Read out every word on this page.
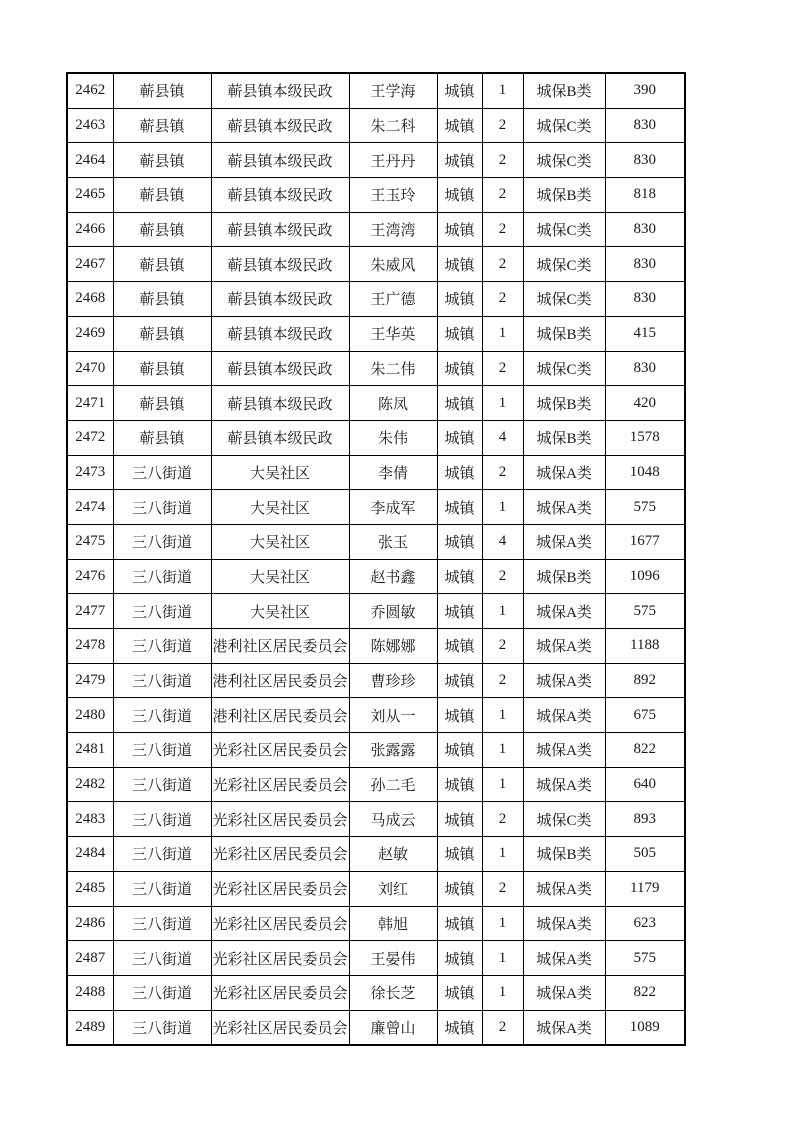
2462	蕲县镇	蕲县镇本级民政	王学海	城镇	1	城保B类	390
2463	蕲县镇	蕲县镇本级民政	朱二科	城镇	2	城保C类	830
2464	蕲县镇	蕲县镇本级民政	王丹丹	城镇	2	城保C类	830
2465	蕲县镇	蕲县镇本级民政	王玉玲	城镇	2	城保B类	818
2466	蕲县镇	蕲县镇本级民政	王湾湾	城镇	2	城保C类	830
2467	蕲县镇	蕲县镇本级民政	朱威风	城镇	2	城保C类	830
2468	蕲县镇	蕲县镇本级民政	王广德	城镇	2	城保C类	830
2469	蕲县镇	蕲县镇本级民政	王华英	城镇	1	城保B类	415
2470	蕲县镇	蕲县镇本级民政	朱二伟	城镇	2	城保C类	830
2471	蕲县镇	蕲县镇本级民政	陈凤	城镇	1	城保B类	420
2472	蕲县镇	蕲县镇本级民政	朱伟	城镇	4	城保B类	1578
2473	三八街道	大吴社区	李倩	城镇	2	城保A类	1048
2474	三八街道	大吴社区	李成军	城镇	1	城保A类	575
2475	三八街道	大吴社区	张玉	城镇	4	城保A类	1677
2476	三八街道	大吴社区	赵书鑫	城镇	2	城保B类	1096
2477	三八街道	大吴社区	乔圆敏	城镇	1	城保A类	575
2478	三八街道	港利社区居民委员会	陈娜娜	城镇	2	城保A类	1188
2479	三八街道	港利社区居民委员会	曹珍珍	城镇	2	城保A类	892
2480	三八街道	港利社区居民委员会	刘从一	城镇	1	城保A类	675
2481	三八街道	光彩社区居民委员会	张露露	城镇	1	城保A类	822
2482	三八街道	光彩社区居民委员会	孙二毛	城镇	1	城保A类	640
2483	三八街道	光彩社区居民委员会	马成云	城镇	2	城保C类	893
2484	三八街道	光彩社区居民委员会	赵敏	城镇	1	城保B类	505
2485	三八街道	光彩社区居民委员会	刘红	城镇	2	城保A类	1179
2486	三八街道	光彩社区居民委员会	韩旭	城镇	1	城保A类	623
2487	三八街道	光彩社区居民委员会	王晏伟	城镇	1	城保A类	575
2488	三八街道	光彩社区居民委员会	徐长芝	城镇	1	城保A类	822
2489	三八街道	光彩社区居民委员会	廉曾山	城镇	2	城保A类	1089
